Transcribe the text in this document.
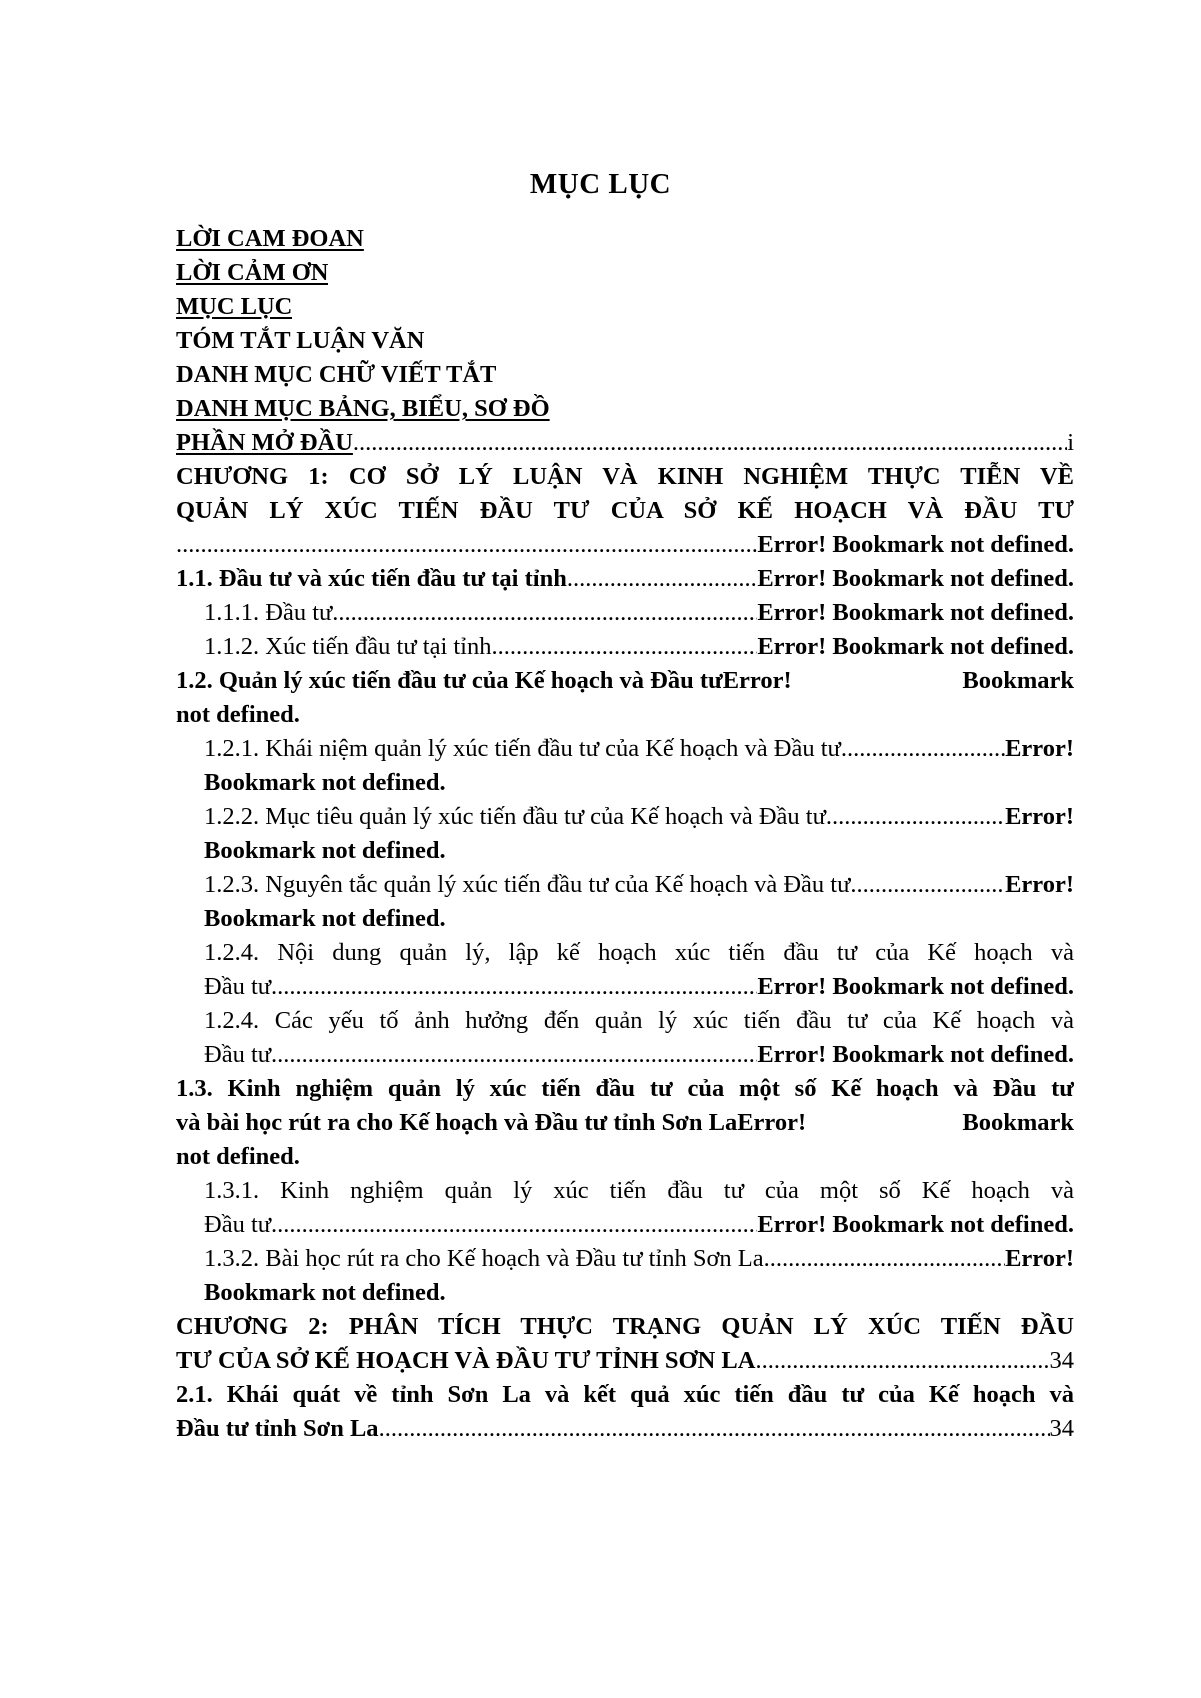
MỤC LỤC
LỜI CAM ĐOAN
LỜI CẢM ƠN
MỤC LỤC
TÓM TẮT LUẬN VĂN
DANH MỤC CHỮ VIẾT TẮT
DANH MỤC BẢNG, BIỂU, SƠ ĐỒ
PHẦN MỞ ĐẦU .....	i
CHƯƠNG 1: CƠ SỞ LÝ LUẬN VÀ KINH NGHIỆM THỰC TIỄN VỀ
QUẢN LÝ XÚC TIẾN ĐẦU TƯ CỦA SỞ KẾ HOẠCH VÀ ĐẦU TƯ
.....
Error! Bookmark not defined.
1.1. Đầu tư và xúc tiến đầu tư tại tỉnh .....	Error! Bookmark not defined.
1.1.1. Đầu tư .....	Error! Bookmark not defined.
1.1.2. Xúc tiến đầu tư tại tỉnh .....	Error! Bookmark not defined.
1.2. Quản lý xúc tiến đầu tư của Kế hoạch và Đầu tưError!	Bookmark
not defined.
1.2.1. Khái niệm quản lý xúc tiến đầu tư của Kế hoạch và Đầu tư .....	Error!
Bookmark not defined.
1.2.2. Mục tiêu quản lý xúc tiến đầu tư của Kế hoạch và Đầu tư .....	Error!
Bookmark not defined.
1.2.3. Nguyên tắc quản lý xúc tiến đầu tư của Kế hoạch và Đầu tư .....	Error!
Bookmark not defined.
1.2.4. Nội dung quản lý, lập kế hoạch xúc tiến đầu tư của Kế hoạch và
Đầu tư .....	Error! Bookmark not defined.
1.2.4. Các yếu tố ảnh hưởng đến quản lý xúc tiến đầu tư của Kế hoạch và
Đầu tư .....	Error! Bookmark not defined.
1.3. Kinh nghiệm quản lý xúc tiến đầu tư của một số Kế hoạch và Đầu tư
và bài học rút ra cho Kế hoạch và Đầu tư tỉnh Sơn LaError!	Bookmark
not defined.
1.3.1. Kinh nghiệm quản lý xúc tiến đầu tư của một số Kế hoạch và
Đầu tư .....	Error! Bookmark not defined.
1.3.2. Bài học rút ra cho Kế hoạch và Đầu tư tỉnh Sơn La .....	Error!
Bookmark not defined.
CHƯƠNG 2: PHÂN TÍCH THỰC TRẠNG QUẢN LÝ XÚC TIẾN ĐẦU
TƯ CỦA SỞ KẾ HOẠCH VÀ ĐẦU TƯ TỈNH SƠN LA .....	34
2.1. Khái quát về tỉnh Sơn La và kết quả xúc tiến đầu tư của Kế hoạch và
Đầu tư tỉnh Sơn La .....	34
